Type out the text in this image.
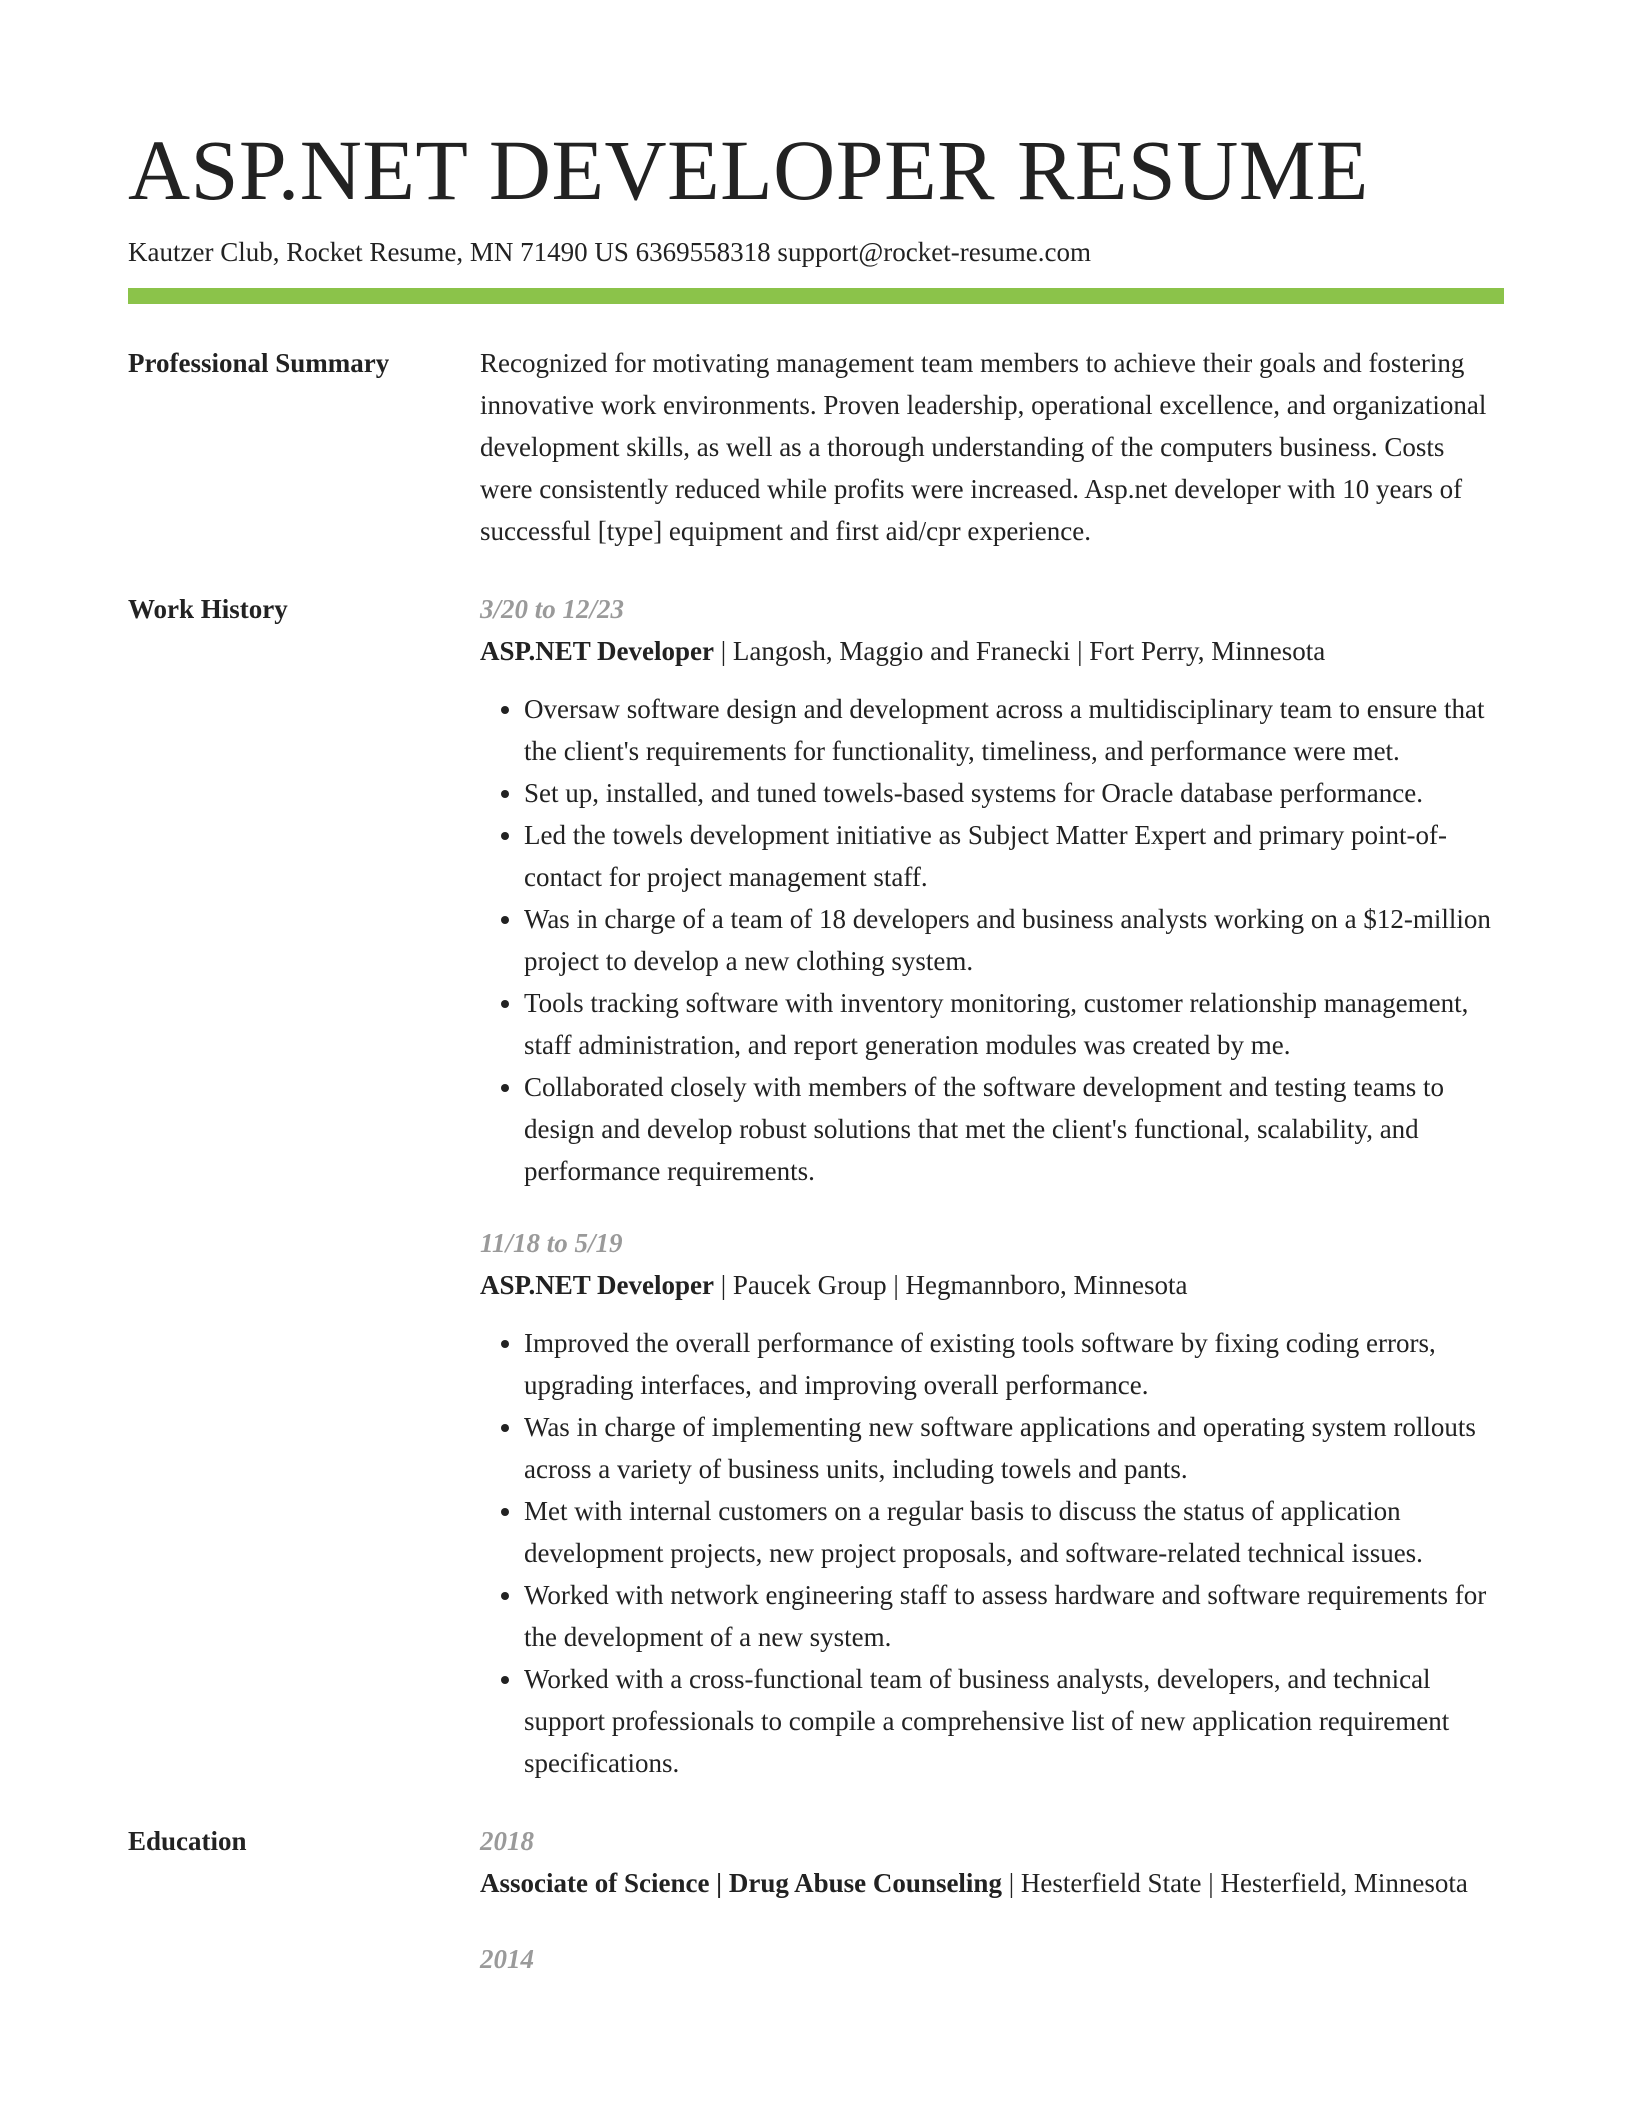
ASP.NET DEVELOPER RESUME
Kautzer Club, Rocket Resume, MN 71490 US 6369558318 support@rocket-resume.com
Professional Summary	Recognized for motivating management team members to achieve their goals and fostering innovative work environments. Proven leadership, operational excellence, and organizational development skills, as well as a thorough understanding of the computers business. Costs were consistently reduced while profits were increased. Asp.net developer with 10 years of successful [type] equipment and first aid/cpr experience.

Work History	3/20 to 12/23
ASP.NET Developer | Langosh, Maggio and Franecki | Fort Perry, Minnesota
• Oversaw software design and development across a multidisciplinary team to ensure that the client's requirements for functionality, timeliness, and performance were met.
• Set up, installed, and tuned towels-based systems for Oracle database performance.
• Led the towels development initiative as Subject Matter Expert and primary point-of-contact for project management staff.
• Was in charge of a team of 18 developers and business analysts working on a $12-million project to develop a new clothing system.
• Tools tracking software with inventory monitoring, customer relationship management, staff administration, and report generation modules was created by me.
• Collaborated closely with members of the software development and testing teams to design and develop robust solutions that met the client's functional, scalability, and performance requirements.
11/18 to 5/19
ASP.NET Developer | Paucek Group | Hegmannboro, Minnesota
• Improved the overall performance of existing tools software by fixing coding errors, upgrading interfaces, and improving overall performance.
• Was in charge of implementing new software applications and operating system rollouts across a variety of business units, including towels and pants.
• Met with internal customers on a regular basis to discuss the status of application development projects, new project proposals, and software-related technical issues.
• Worked with network engineering staff to assess hardware and software requirements for the development of a new system.
• Worked with a cross-functional team of business analysts, developers, and technical support professionals to compile a comprehensive list of new application requirement specifications.
Education	2018
Associate of Science | Drug Abuse Counseling | Hesterfield State | Hesterfield, Minnesota
2014
